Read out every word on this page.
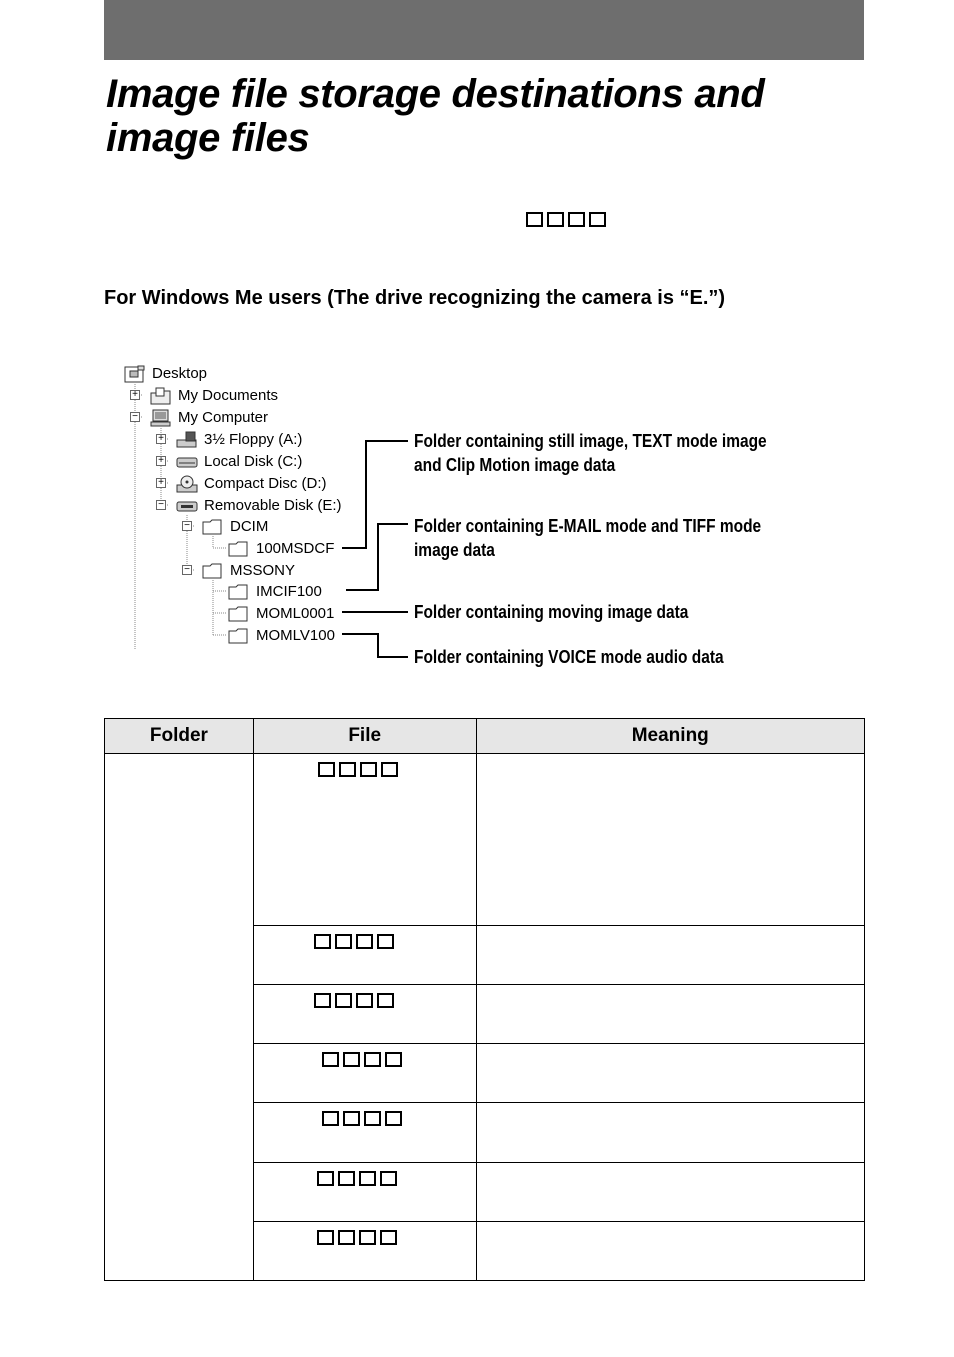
Image file storage destinations and image files
For Windows Me users (The drive recognizing the camera is “E.”)
+
−
+
+
+
−
−
−
Desktop
My Documents
My Computer
3½ Floppy (A:)
Local Disk (C:)
Compact Disc (D:)
Removable Disk (E:)
DCIM
100MSDCF
MSSONY
IMCIF100
MOML0001
MOMLV100
Folder containing still image, TEXT mode image
and Clip Motion image data
Folder containing E-MAIL mode and TIFF mode
image data
Folder containing moving image data
Folder containing VOICE mode audio data
Folder	File	Meaning
